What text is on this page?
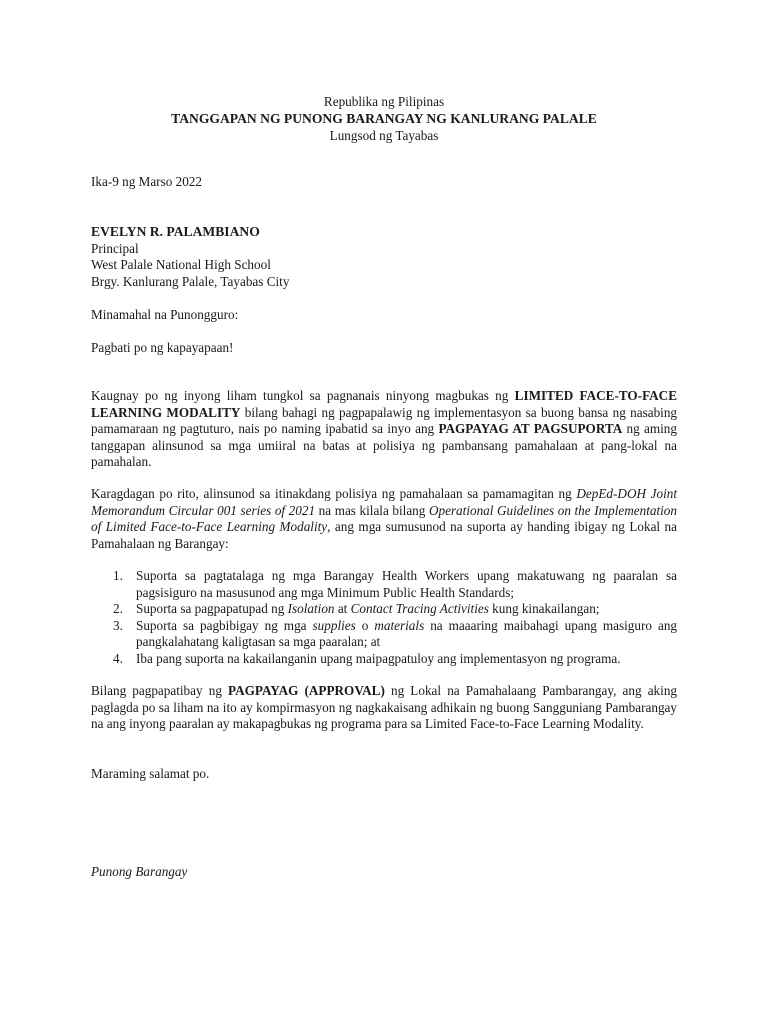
Republika ng Pilipinas
TANGGAPAN NG PUNONG BARANGAY NG KANLURANG PALALE
Lungsod ng Tayabas
Ika-9 ng Marso 2022
EVELYN R. PALAMBIANO
Principal
West Palale National High School
Brgy. Kanlurang Palale, Tayabas City
Minamahal na Punongguro:
Pagbati po ng kapayapaan!
Kaugnay po ng inyong liham tungkol sa pagnanais ninyong magbukas ng LIMITED FACE-TO-FACE LEARNING MODALITY bilang bahagi ng pagpapalawig ng implementasyon sa buong bansa ng nasabing pamamaraan ng pagtuturo, nais po naming ipabatid sa inyo ang PAGPAYAG AT PAGSUPORTA ng aming tanggapan alinsunod sa mga umiiral na batas at polisiya ng pambansang pamahalaan at pang-lokal na pamahalan.
Karagdagan po rito, alinsunod sa itinakdang polisiya ng pamahalaan sa pamamagitan ng DepEd-DOH Joint Memorandum Circular 001 series of 2021 na mas kilala bilang Operational Guidelines on the Implementation of Limited Face-to-Face Learning Modality, ang mga sumusunod na suporta ay handing ibigay ng Lokal na Pamahalaan ng Barangay:
1. Suporta sa pagtatalaga ng mga Barangay Health Workers upang makatuwang ng paaralan sa pagsisiguro na masusunod ang mga Minimum Public Health Standards;
2. Suporta sa pagpapatupad ng Isolation at Contact Tracing Activities kung kinakailangan;
3. Suporta sa pagbibigay ng mga supplies o materials na maaaring maibahagi upang masiguro ang pangkalahatang kaligtasan sa mga paaralan; at
4. Iba pang suporta na kakailanganin upang maipagpatuloy ang implementasyon ng programa.
Bilang pagpapatibay ng PAGPAYAG (APPROVAL) ng Lokal na Pamahalaang Pambarangay, ang aking paglagda po sa liham na ito ay kompirmasyon ng nagkakaisang adhikain ng buong Sangguniang Pambarangay na ang inyong paaralan ay makapagbukas ng programa para sa Limited Face-to-Face Learning Modality.
Maraming salamat po.
Punong Barangay
